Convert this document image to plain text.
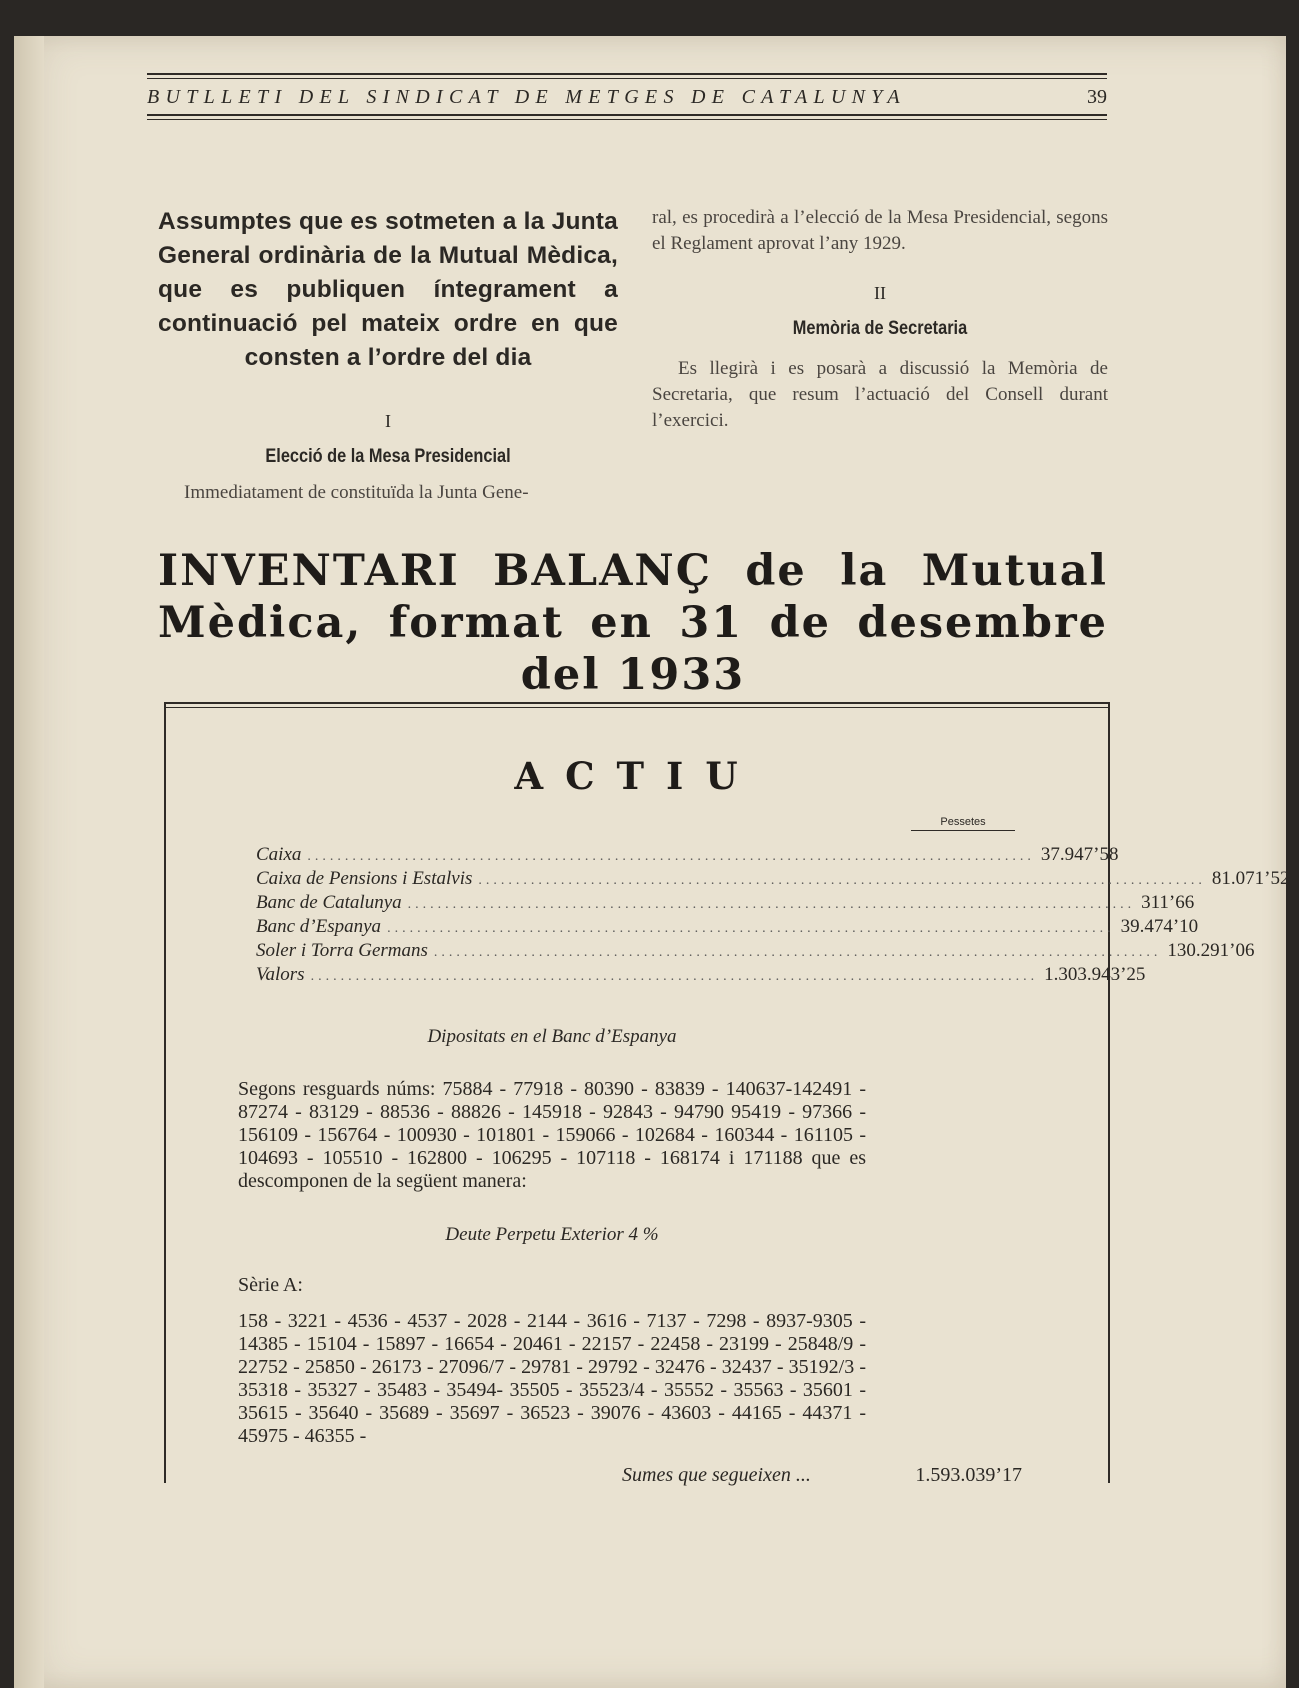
BUTLLETI DEL SINDICAT DE METGES DE CATALUNYA	39
Assumptes que es sotmeten a la Junta General ordinària de la Mutual Mèdica, que es publiquen íntegrament a continuació pel mateix ordre en que consten a l’ordre del dia
I
Elecció de la Mesa Presidencial
Immediatament de constituïda la Junta Gene-
ral, es procedirà a l’elecció de la Mesa Presidencial, segons el Reglament aprovat l’any 1929.
II
Memòria de Secretaria
Es llegirà i es posarà a discussió la Memòria de Secretaria, que resum l’actuació del Consell durant l’exercici.
INVENTARI BALANÇ de la Mutual Mèdica, format en 31 de desembre del 1933
ACTIU
Pessetes
Caixa ................................................................................................. 37.947’58
Caixa de Pensions i Estalvis ................................................................................................. 81.071’52
Banc de Catalunya ................................................................................................. 311’66
Banc d’Espanya ................................................................................................. 39.474’10
Soler i Torra Germans ................................................................................................. 130.291’06
Valors ................................................................................................. 1.303.943’25
Dipositats en el Banc d’Espanya
Segons resguards núms: 75884 - 77918 - 80390 - 83839 - 140637-142491 - 87274 - 83129 - 88536 - 88826 - 145918 - 92843 - 94790 95419 - 97366 - 156109 - 156764 - 100930 - 101801 - 159066 - 102684 - 160344 - 161105 - 104693 - 105510 - 162800 - 106295 - 107118 - 168174 i 171188 que es descomponen de la següent manera:
Deute Perpetu Exterior 4 %
Sèrie A:
158 - 3221 - 4536 - 4537 - 2028 - 2144 - 3616 - 7137 - 7298 - 8937-9305 - 14385 - 15104 - 15897 - 16654 - 20461 - 22157 - 22458 - 23199 - 25848/9 - 22752 - 25850 - 26173 - 27096/7 - 29781 - 29792 - 32476 - 32437 - 35192/3 - 35318 - 35327 - 35483 - 35494- 35505 - 35523/4 - 35552 - 35563 - 35601 - 35615 - 35640 - 35689 - 35697 - 36523 - 39076 - 43603 - 44165 - 44371 - 45975 - 46355 -
Sumes que segueixen ...	1.593.039’17
